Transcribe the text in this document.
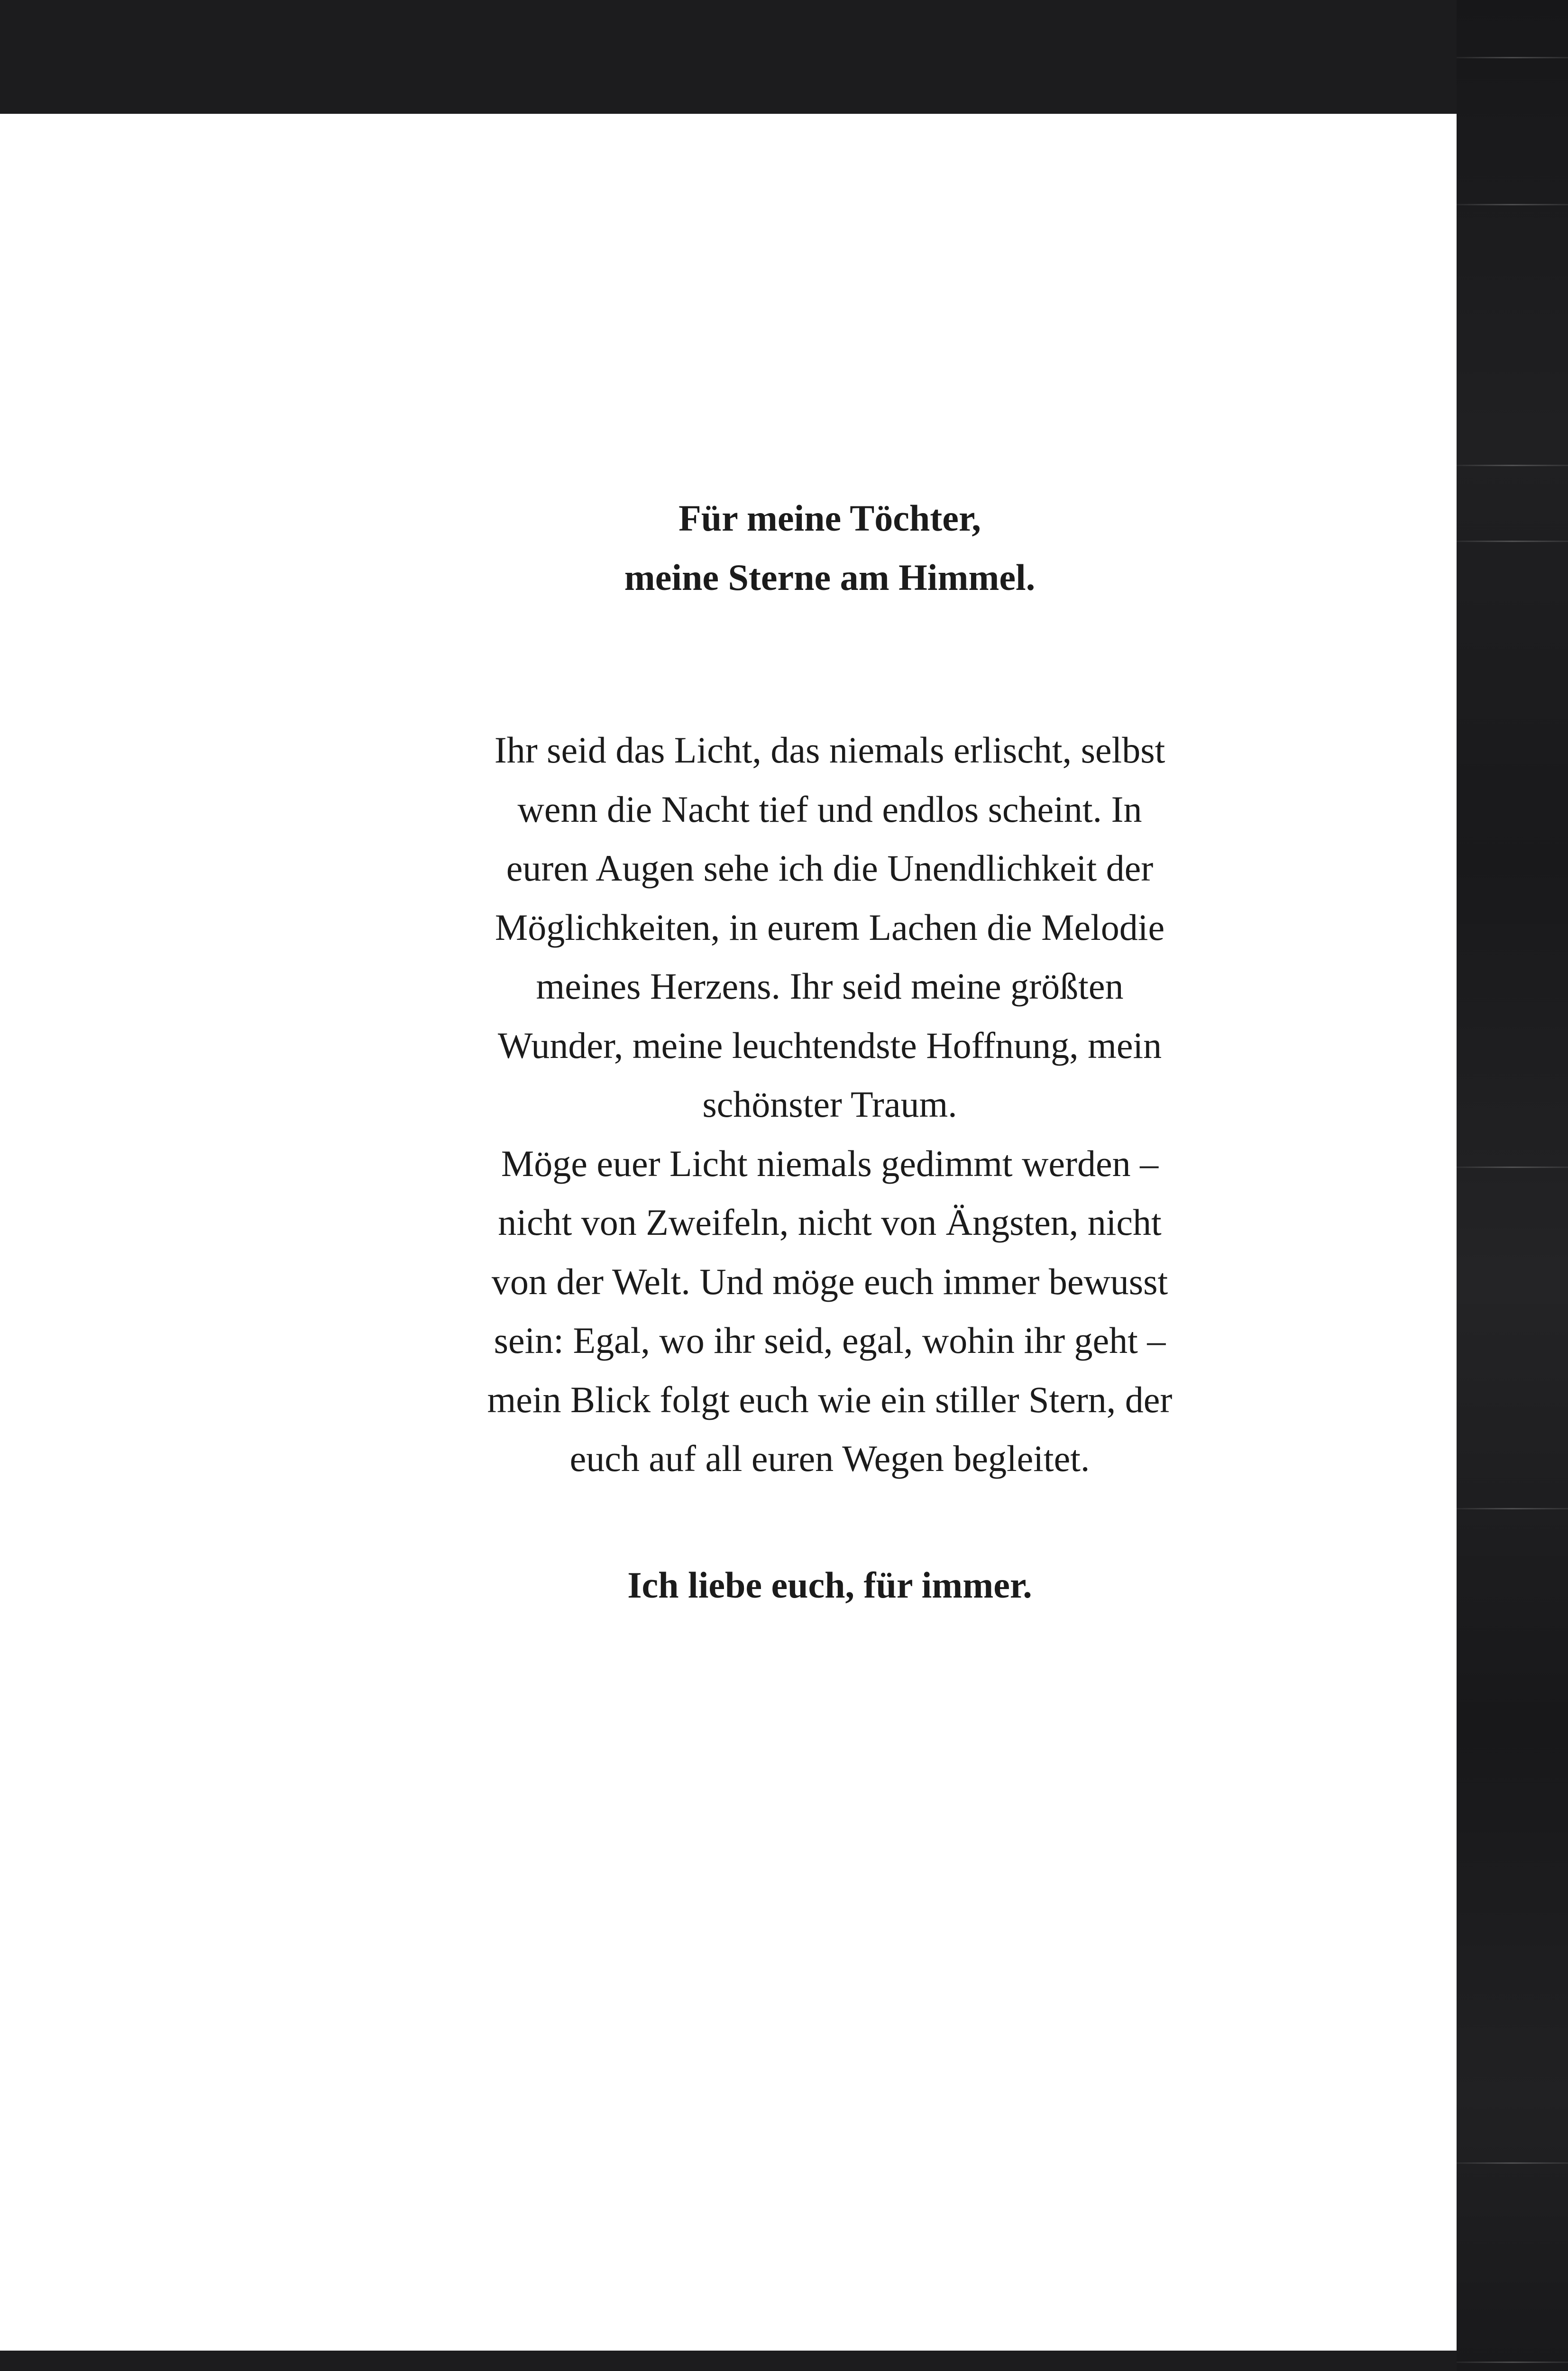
Für meine Töchter,
meine Sterne am Himmel.
Ihr seid das Licht, das niemals erlischt, selbst
wenn die Nacht tief und endlos scheint. In
euren Augen sehe ich die Unendlichkeit der
Möglichkeiten, in eurem Lachen die Melodie
meines Herzens. Ihr seid meine größten
Wunder, meine leuchtendste Hoffnung, mein
schönster Traum.
Möge euer Licht niemals gedimmt werden –
nicht von Zweifeln, nicht von Ängsten, nicht
von der Welt. Und möge euch immer bewusst
sein: Egal, wo ihr seid, egal, wohin ihr geht –
mein Blick folgt euch wie ein stiller Stern, der
euch auf all euren Wegen begleitet.

Ich liebe euch, für immer.
